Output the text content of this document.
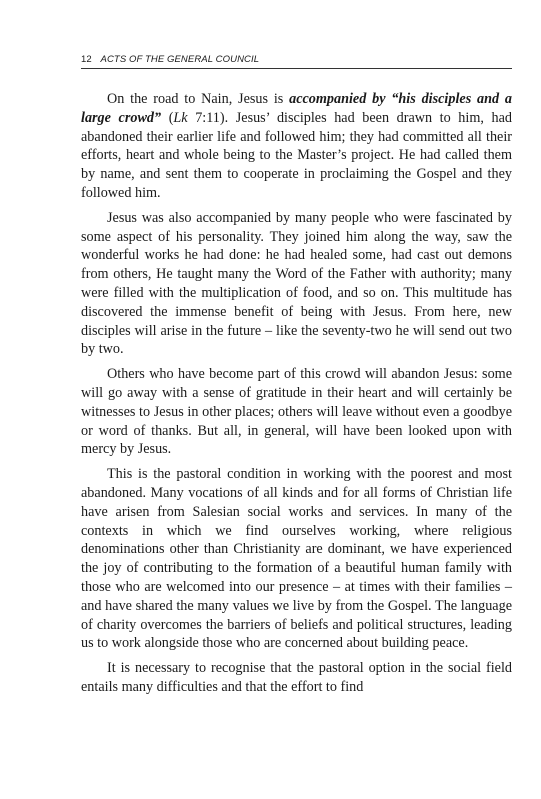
12 ACTS OF THE GENERAL COUNCIL

On the road to Nain, Jesus is accompanied by “his disciples and a large crowd” (Lk 7:11). Jesus’ disciples had been drawn to him, had abandoned their earlier life and followed him; they had committed all their efforts, heart and whole being to the Master’s project. He had called them by name, and sent them to cooperate in proclaiming the Gospel and they followed him.

Jesus was also accompanied by many people who were fascinated by some aspect of his personality. They joined him along the way, saw the wonderful works he had done: he had healed some, had cast out demons from others, He taught many the Word of the Father with authority; many were filled with the multiplication of food, and so on. This multitude has discovered the immense benefit of being with Jesus. From here, new disciples will arise in the future – like the seventy-two he will send out two by two.

Others who have become part of this crowd will abandon Jesus: some will go away with a sense of gratitude in their heart and will certainly be witnesses to Jesus in other places; others will leave without even a goodbye or word of thanks. But all, in general, will have been looked upon with mercy by Jesus.

This is the pastoral condition in working with the poorest and most abandoned. Many vocations of all kinds and for all forms of Christian life have arisen from Salesian social works and services. In many of the contexts in which we find ourselves working, where religious denominations other than Christianity are dominant, we have experienced the joy of contributing to the formation of a beautiful human family with those who are welcomed into our presence – at times with their families – and have shared the many values we live by from the Gospel. The language of charity overcomes the barriers of beliefs and political structures, leading us to work alongside those who are concerned about building peace.

It is necessary to recognise that the pastoral option in the social field entails many difficulties and that the effort to find
